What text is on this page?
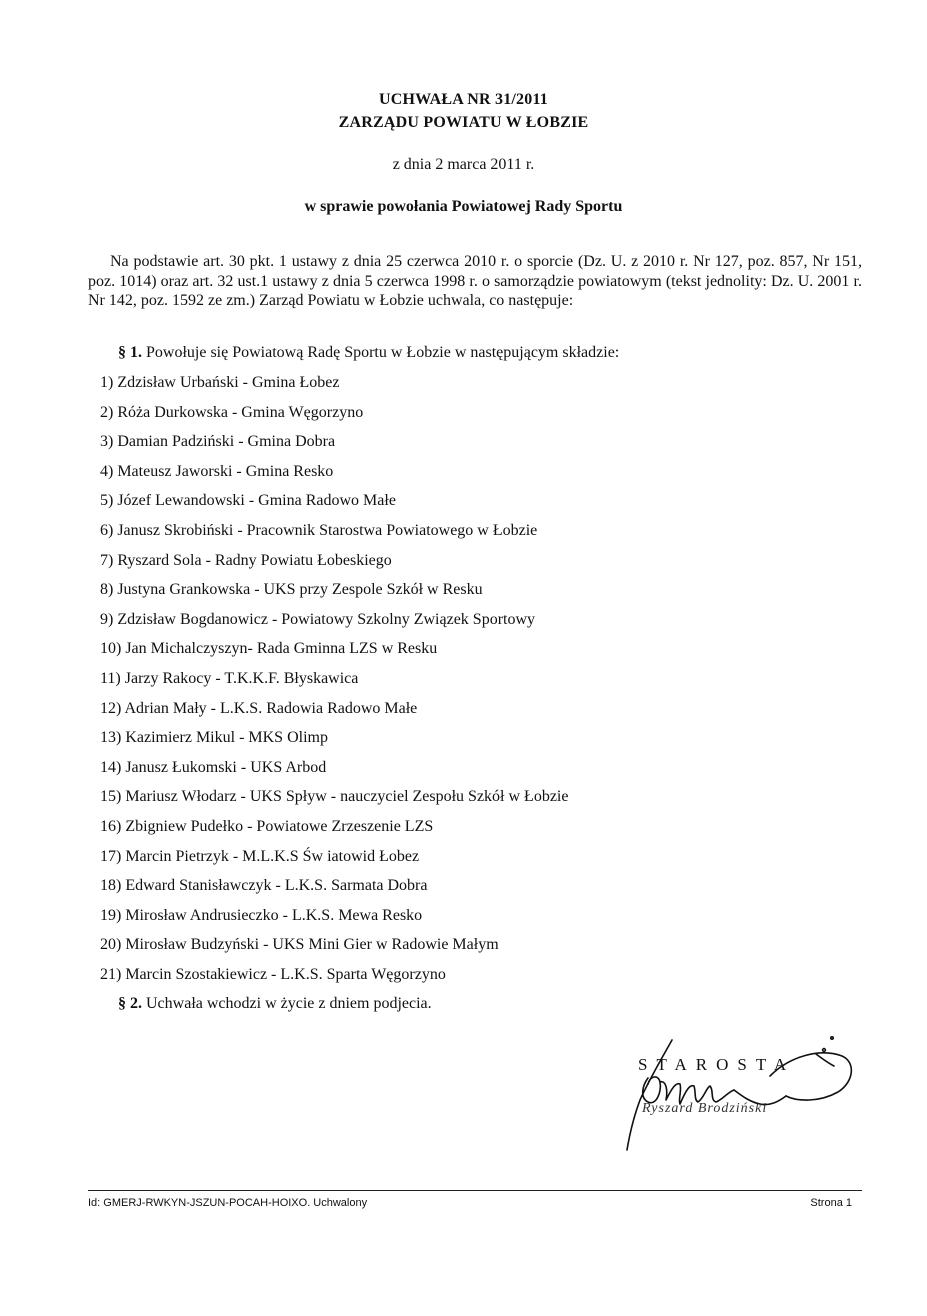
UCHWAŁA NR 31/2011
ZARZĄDU POWIATU W ŁOBZIE
z dnia 2 marca 2011 r.
w sprawie powołania Powiatowej Rady Sportu
Na podstawie art. 30 pkt. 1 ustawy z dnia 25 czerwca 2010 r. o sporcie (Dz. U. z 2010 r. Nr 127, poz. 857, Nr 151, poz. 1014) oraz art. 32 ust.1 ustawy z dnia 5 czerwca 1998 r. o samorządzie powiatowym (tekst jednolity: Dz. U. 2001 r. Nr 142, poz. 1592 ze zm.) Zarząd Powiatu w Łobzie uchwala, co następuje:
§ 1. Powołuje się Powiatową Radę Sportu w Łobzie w następującym składzie:
1) Zdzisław Urbański - Gmina Łobez
2) Róża Durkowska - Gmina Węgorzyno
3) Damian Padziński - Gmina Dobra
4) Mateusz Jaworski - Gmina Resko
5) Józef Lewandowski - Gmina Radowo Małe
6) Janusz Skrobiński - Pracownik Starostwa Powiatowego w Łobzie
7) Ryszard Sola - Radny Powiatu Łobeskiego
8) Justyna Grankowska - UKS przy Zespole Szkół w Resku
9) Zdzisław Bogdanowicz - Powiatowy Szkolny Związek Sportowy
10) Jan Michalczyszyn- Rada Gminna LZS w Resku
11) Jarzy Rakocy - T.K.K.F. Błyskawica
12) Adrian Mały - L.K.S. Radowia Radowo Małe
13) Kazimierz Mikul - MKS Olimp
14) Janusz Łukomski - UKS Arbod
15) Mariusz Włodarz - UKS Spływ - nauczyciel Zespołu Szkół w Łobzie
16) Zbigniew Pudełko - Powiatowe Zrzeszenie LZS
17) Marcin Pietrzyk - M.L.K.S Św iatowid Łobez
18) Edward Stanisławczyk - L.K.S. Sarmata Dobra
19) Mirosław Andrusieczko - L.K.S. Mewa Resko
20) Mirosław Budzyński - UKS Mini Gier w Radowie Małym
21) Marcin Szostakiewicz - L.K.S. Sparta Węgorzyno
§ 2. Uchwała wchodzi w życie z dniem podjecia.
STAROSTA
Ryszard Brodziński
Id: GMERJ-RWKYN-JSZUN-POCAH-HOIXO. Uchwalony	Strona 1
